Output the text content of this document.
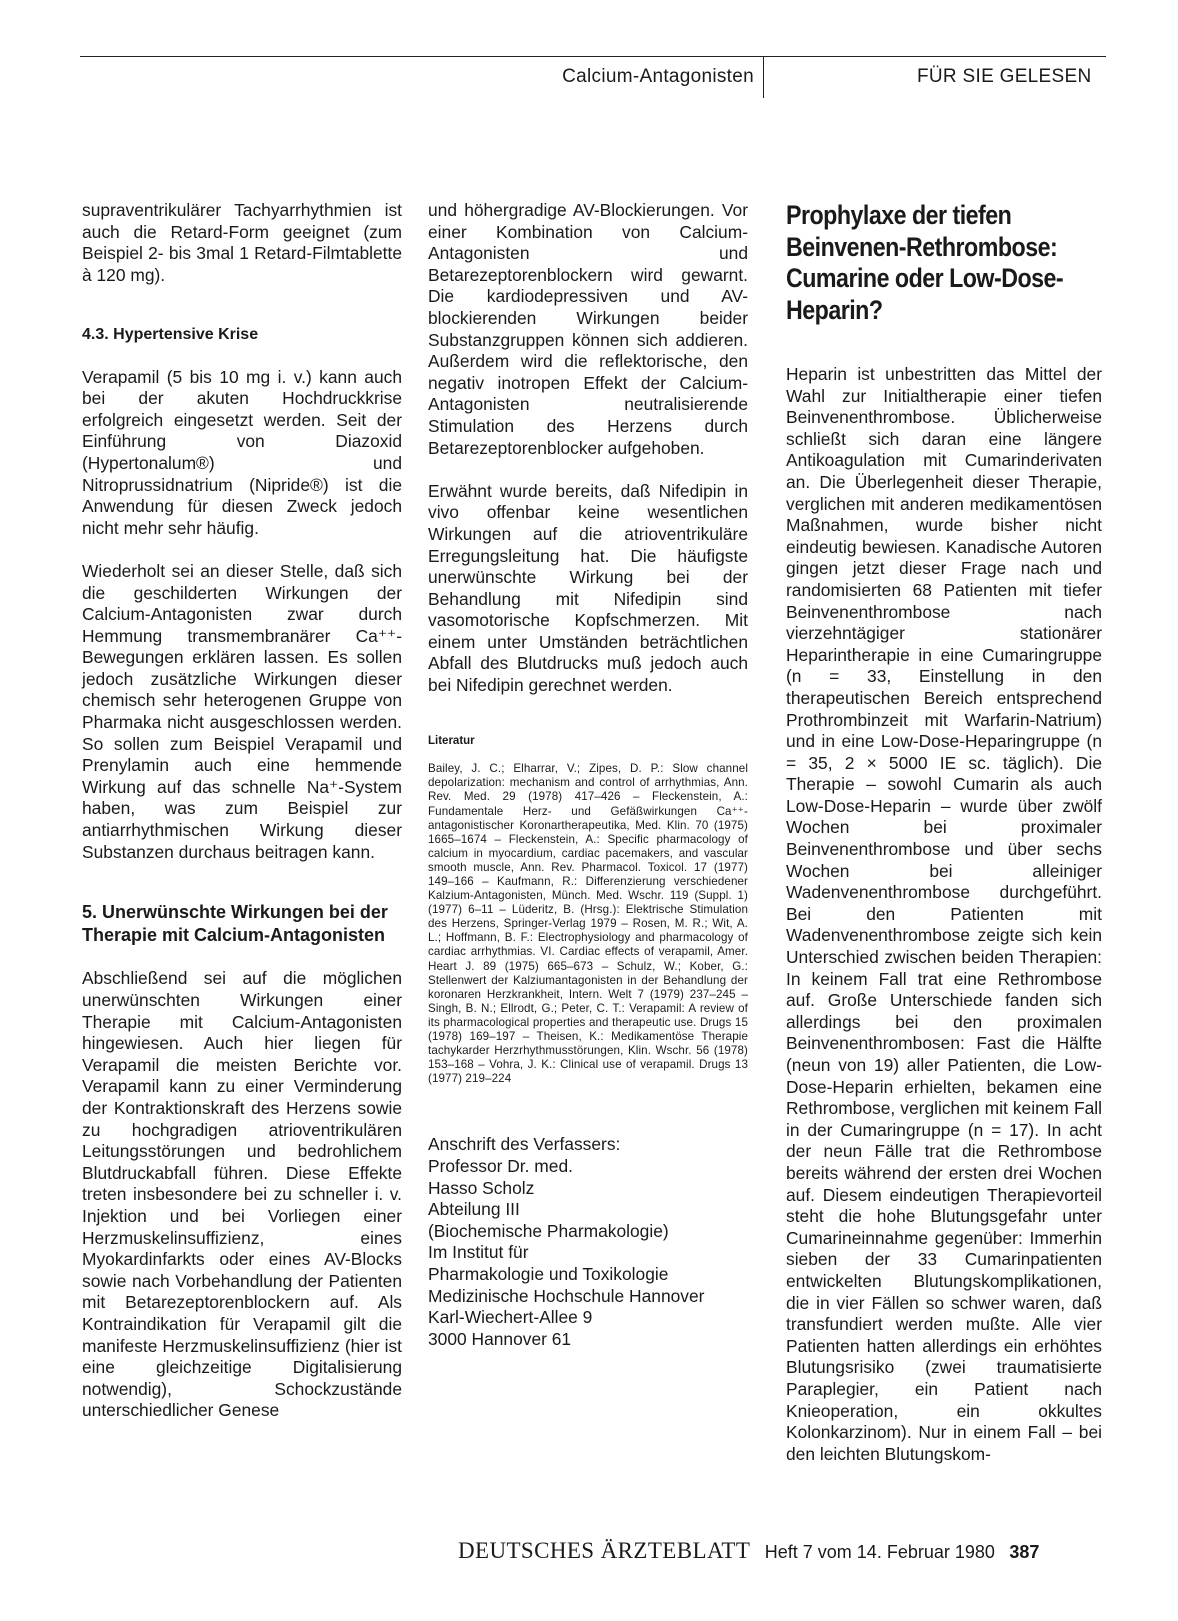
Calcium-Antagonisten	FÜR SIE GELESEN

supraventrikulärer Tachyarrhythmien ist auch die Retard-Form geeignet (zum Beispiel 2- bis 3mal 1 Retard-Filmtablette à 120 mg).

4.3. Hypertensive Krise

Verapamil (5 bis 10 mg i. v.) kann auch bei der akuten Hochdruckkrise erfolgreich eingesetzt werden. Seit der Einführung von Diazoxid (Hypertonalum®) und Nitroprussidnatrium (Nipride®) ist die Anwendung für diesen Zweck jedoch nicht mehr sehr häufig.

Wiederholt sei an dieser Stelle, daß sich die geschilderten Wirkungen der Calcium-Antagonisten zwar durch Hemmung transmembranärer Ca⁺⁺-Bewegungen erklären lassen. Es sollen jedoch zusätzliche Wirkungen dieser chemisch sehr heterogenen Gruppe von Pharmaka nicht ausgeschlossen werden. So sollen zum Beispiel Verapamil und Prenylamin auch eine hemmende Wirkung auf das schnelle Na⁺-System haben, was zum Beispiel zur antiarrhythmischen Wirkung dieser Substanzen durchaus beitragen kann.

5. Unerwünschte Wirkungen bei der Therapie mit Calcium-Antagonisten

Abschließend sei auf die möglichen unerwünschten Wirkungen einer Therapie mit Calcium-Antagonisten hingewiesen. Auch hier liegen für Verapamil die meisten Berichte vor. Verapamil kann zu einer Verminderung der Kontraktionskraft des Herzens sowie zu hochgradigen atrioventrikulären Leitungsstörungen und bedrohlichem Blutdruckabfall führen. Diese Effekte treten insbesondere bei zu schneller i. v. Injektion und bei Vorliegen einer Herzmuskelinsuffizienz, eines Myokardinfarkts oder eines AV-Blocks sowie nach Vorbehandlung der Patienten mit Betarezeptorenblockern auf. Als Kontraindikation für Verapamil gilt die manifeste Herzmuskelinsuffizienz (hier ist eine gleichzeitige Digitalisierung notwendig), Schockzustände unterschiedlicher Genese

und höhergradige AV-Blockierungen. Vor einer Kombination von Calcium-Antagonisten und Betarezeptorenblockern wird gewarnt. Die kardiodepressiven und AV-blockierenden Wirkungen beider Substanzgruppen können sich addieren. Außerdem wird die reflektorische, den negativ inotropen Effekt der Calcium-Antagonisten neutralisierende Stimulation des Herzens durch Betarezeptorenblocker aufgehoben.

Erwähnt wurde bereits, daß Nifedipin in vivo offenbar keine wesentlichen Wirkungen auf die atrioventrikuläre Erregungsleitung hat. Die häufigste unerwünschte Wirkung bei der Behandlung mit Nifedipin sind vasomotorische Kopfschmerzen. Mit einem unter Umständen beträchtlichen Abfall des Blutdrucks muß jedoch auch bei Nifedipin gerechnet werden.

Literatur

Bailey, J. C.; Elharrar, V.; Zipes, D. P.: Slow channel depolarization: mechanism and control of arrhythmias, Ann. Rev. Med. 29 (1978) 417–426 – Fleckenstein, A.: Fundamentale Herz- und Gefäßwirkungen Ca⁺⁺-antagonistischer Koronartherapeutika, Med. Klin. 70 (1975) 1665–1674 – Fleckenstein, A.: Specific pharmacology of calcium in myocardium, cardiac pacemakers, and vascular smooth muscle, Ann. Rev. Pharmacol. Toxicol. 17 (1977) 149–166 – Kaufmann, R.: Differenzierung verschiedener Kalzium-Antagonisten, Münch. Med. Wschr. 119 (Suppl. 1) (1977) 6–11 – Lüderitz, B. (Hrsg.): Elektrische Stimulation des Herzens, Springer-Verlag 1979 – Rosen, M. R.; Wit, A. L.; Hoffmann, B. F.: Electrophysiology and pharmacology of cardiac arrhythmias. VI. Cardiac effects of verapamil, Amer. Heart J. 89 (1975) 665–673 – Schulz, W.; Kober, G.: Stellenwert der Kalziumantagonisten in der Behandlung der koronaren Herzkrankheit, Intern. Welt 7 (1979) 237–245 – Singh, B. N.; Ellrodt, G.; Peter, C. T.: Verapamil: A review of its pharmacological properties and therapeutic use. Drugs 15 (1978) 169–197 – Theisen, K.: Medikamentöse Therapie tachykarder Herzrhythmusstörungen, Klin. Wschr. 56 (1978) 153–168 – Vohra, J. K.: Clinical use of verapamil. Drugs 13 (1977) 219–224

Anschrift des Verfassers:
Professor Dr. med.
Hasso Scholz
Abteilung III
(Biochemische Pharmakologie)
Im Institut für
Pharmakologie und Toxikologie
Medizinische Hochschule Hannover
Karl-Wiechert-Allee 9
3000 Hannover 61
Prophylaxe der tiefen Beinvenen-Rethrombose: Cumarine oder Low-Dose-Heparin?

Heparin ist unbestritten das Mittel der Wahl zur Initialtherapie einer tiefen Beinvenenthrombose. Üblicherweise schließt sich daran eine längere Antikoagulation mit Cumarinderivaten an. Die Überlegenheit dieser Therapie, verglichen mit anderen medikamentösen Maßnahmen, wurde bisher nicht eindeutig bewiesen. Kanadische Autoren gingen jetzt dieser Frage nach und randomisierten 68 Patienten mit tiefer Beinvenenthrombose nach vierzehntägiger stationärer Heparintherapie in eine Cumaringruppe (n = 33, Einstellung in den therapeutischen Bereich entsprechend Prothrombinzeit mit Warfarin-Natrium) und in eine Low-Dose-Heparingruppe (n = 35, 2 × 5000 IE sc. täglich). Die Therapie – sowohl Cumarin als auch Low-Dose-Heparin – wurde über zwölf Wochen bei proximaler Beinvenenthrombose und über sechs Wochen bei alleiniger Wadenvenenthrombose durchgeführt. Bei den Patienten mit Wadenvenenthrombose zeigte sich kein Unterschied zwischen beiden Therapien: In keinem Fall trat eine Rethrombose auf. Große Unterschiede fanden sich allerdings bei den proximalen Beinvenenthrombosen: Fast die Hälfte (neun von 19) aller Patienten, die Low-Dose-Heparin erhielten, bekamen eine Rethrombose, verglichen mit keinem Fall in der Cumaringruppe (n = 17). In acht der neun Fälle trat die Rethrombose bereits während der ersten drei Wochen auf. Diesem eindeutigen Therapievorteil steht die hohe Blutungsgefahr unter Cumarineinnahme gegenüber: Immerhin sieben der 33 Cumarinpatienten entwickelten Blutungskomplikationen, die in vier Fällen so schwer waren, daß transfundiert werden mußte. Alle vier Patienten hatten allerdings ein erhöhtes Blutungsrisiko (zwei traumatisierte Paraplegier, ein Patient nach Knieoperation, ein okkultes Kolonkarzinom). Nur in einem Fall – bei den leichten Blutungskom-

DEUTSCHES ÄRZTEBLATT Heft 7 vom 14. Februar 1980 387
